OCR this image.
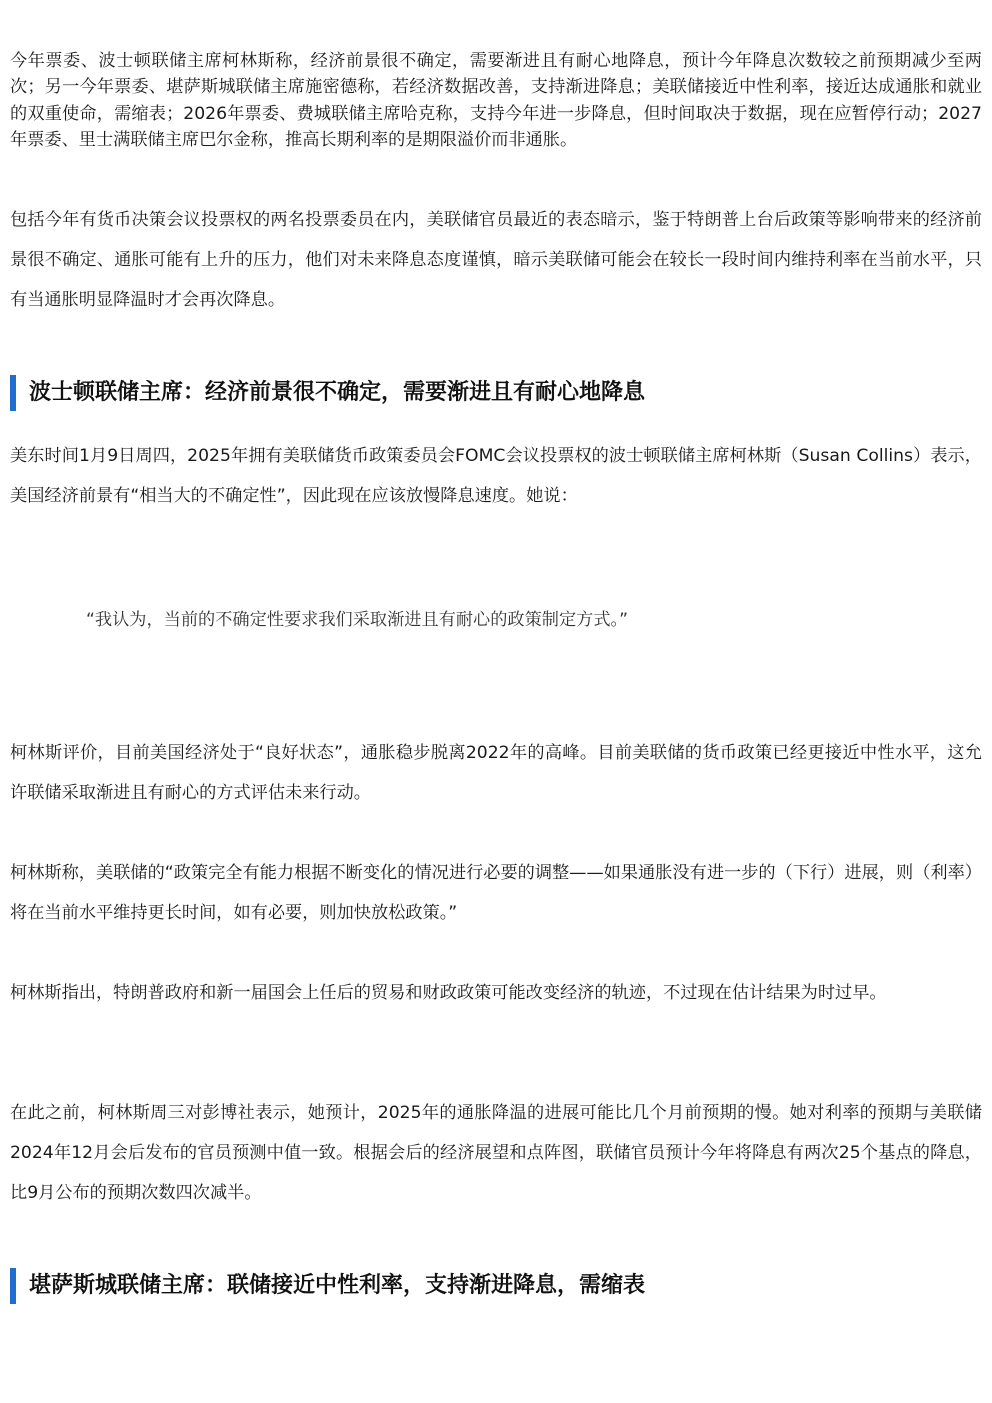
今年票委、波士顿联储主席柯林斯称，经济前景很不确定，需要渐进且有耐心地降息，预计今年降息次数较之前预期减少至两次；另一今年票委、堪萨斯城联储主席施密德称，若经济数据改善，支持渐进降息；美联储接近中性利率，接近达成通胀和就业的双重使命，需缩表；2026年票委、费城联储主席哈克称，支持今年进一步降息，但时间取决于数据，现在应暂停行动；2027年票委、里士满联储主席巴尔金称，推高长期利率的是期限溢价而非通胀。

包括今年有货币决策会议投票权的两名投票委员在内，美联储官员最近的表态暗示，鉴于特朗普上台后政策等影响带来的经济前景很不确定、通胀可能有上升的压力，他们对未来降息态度谨慎，暗示美联储可能会在较长一段时间内维持利率在当前水平，只有当通胀明显降温时才会再次降息。

波士顿联储主席：经济前景很不确定，需要渐进且有耐心地降息

美东时间1月9日周四，2025年拥有美联储货币政策委员会FOMC会议投票权的波士顿联储主席柯林斯（Susan Collins）表示，美国经济前景有“相当大的不确定性”，因此现在应该放慢降息速度。她说：

“我认为，当前的不确定性要求我们采取渐进且有耐心的政策制定方式。”

柯林斯评价，目前美国经济处于“良好状态”，通胀稳步脱离2022年的高峰。目前美联储的货币政策已经更接近中性水平，这允许联储采取渐进且有耐心的方式评估未来行动。

柯林斯称，美联储的“政策完全有能力根据不断变化的情况进行必要的调整——如果通胀没有进一步的（下行）进展，则（利率）将在当前水平维持更长时间，如有必要，则加快放松政策。”

柯林斯指出，特朗普政府和新一届国会上任后的贸易和财政政策可能改变经济的轨迹，不过现在估计结果为时过早。

在此之前，柯林斯周三对彭博社表示，她预计，2025年的通胀降温的进展可能比几个月前预期的慢。她对利率的预期与美联储2024年12月会后发布的官员预测中值一致。根据会后的经济展望和点阵图，联储官员预计今年将降息有两次25个基点的降息，比9月公布的预期次数四次减半。

堪萨斯城联储主席：联储接近中性利率，支持渐进降息，需缩表
